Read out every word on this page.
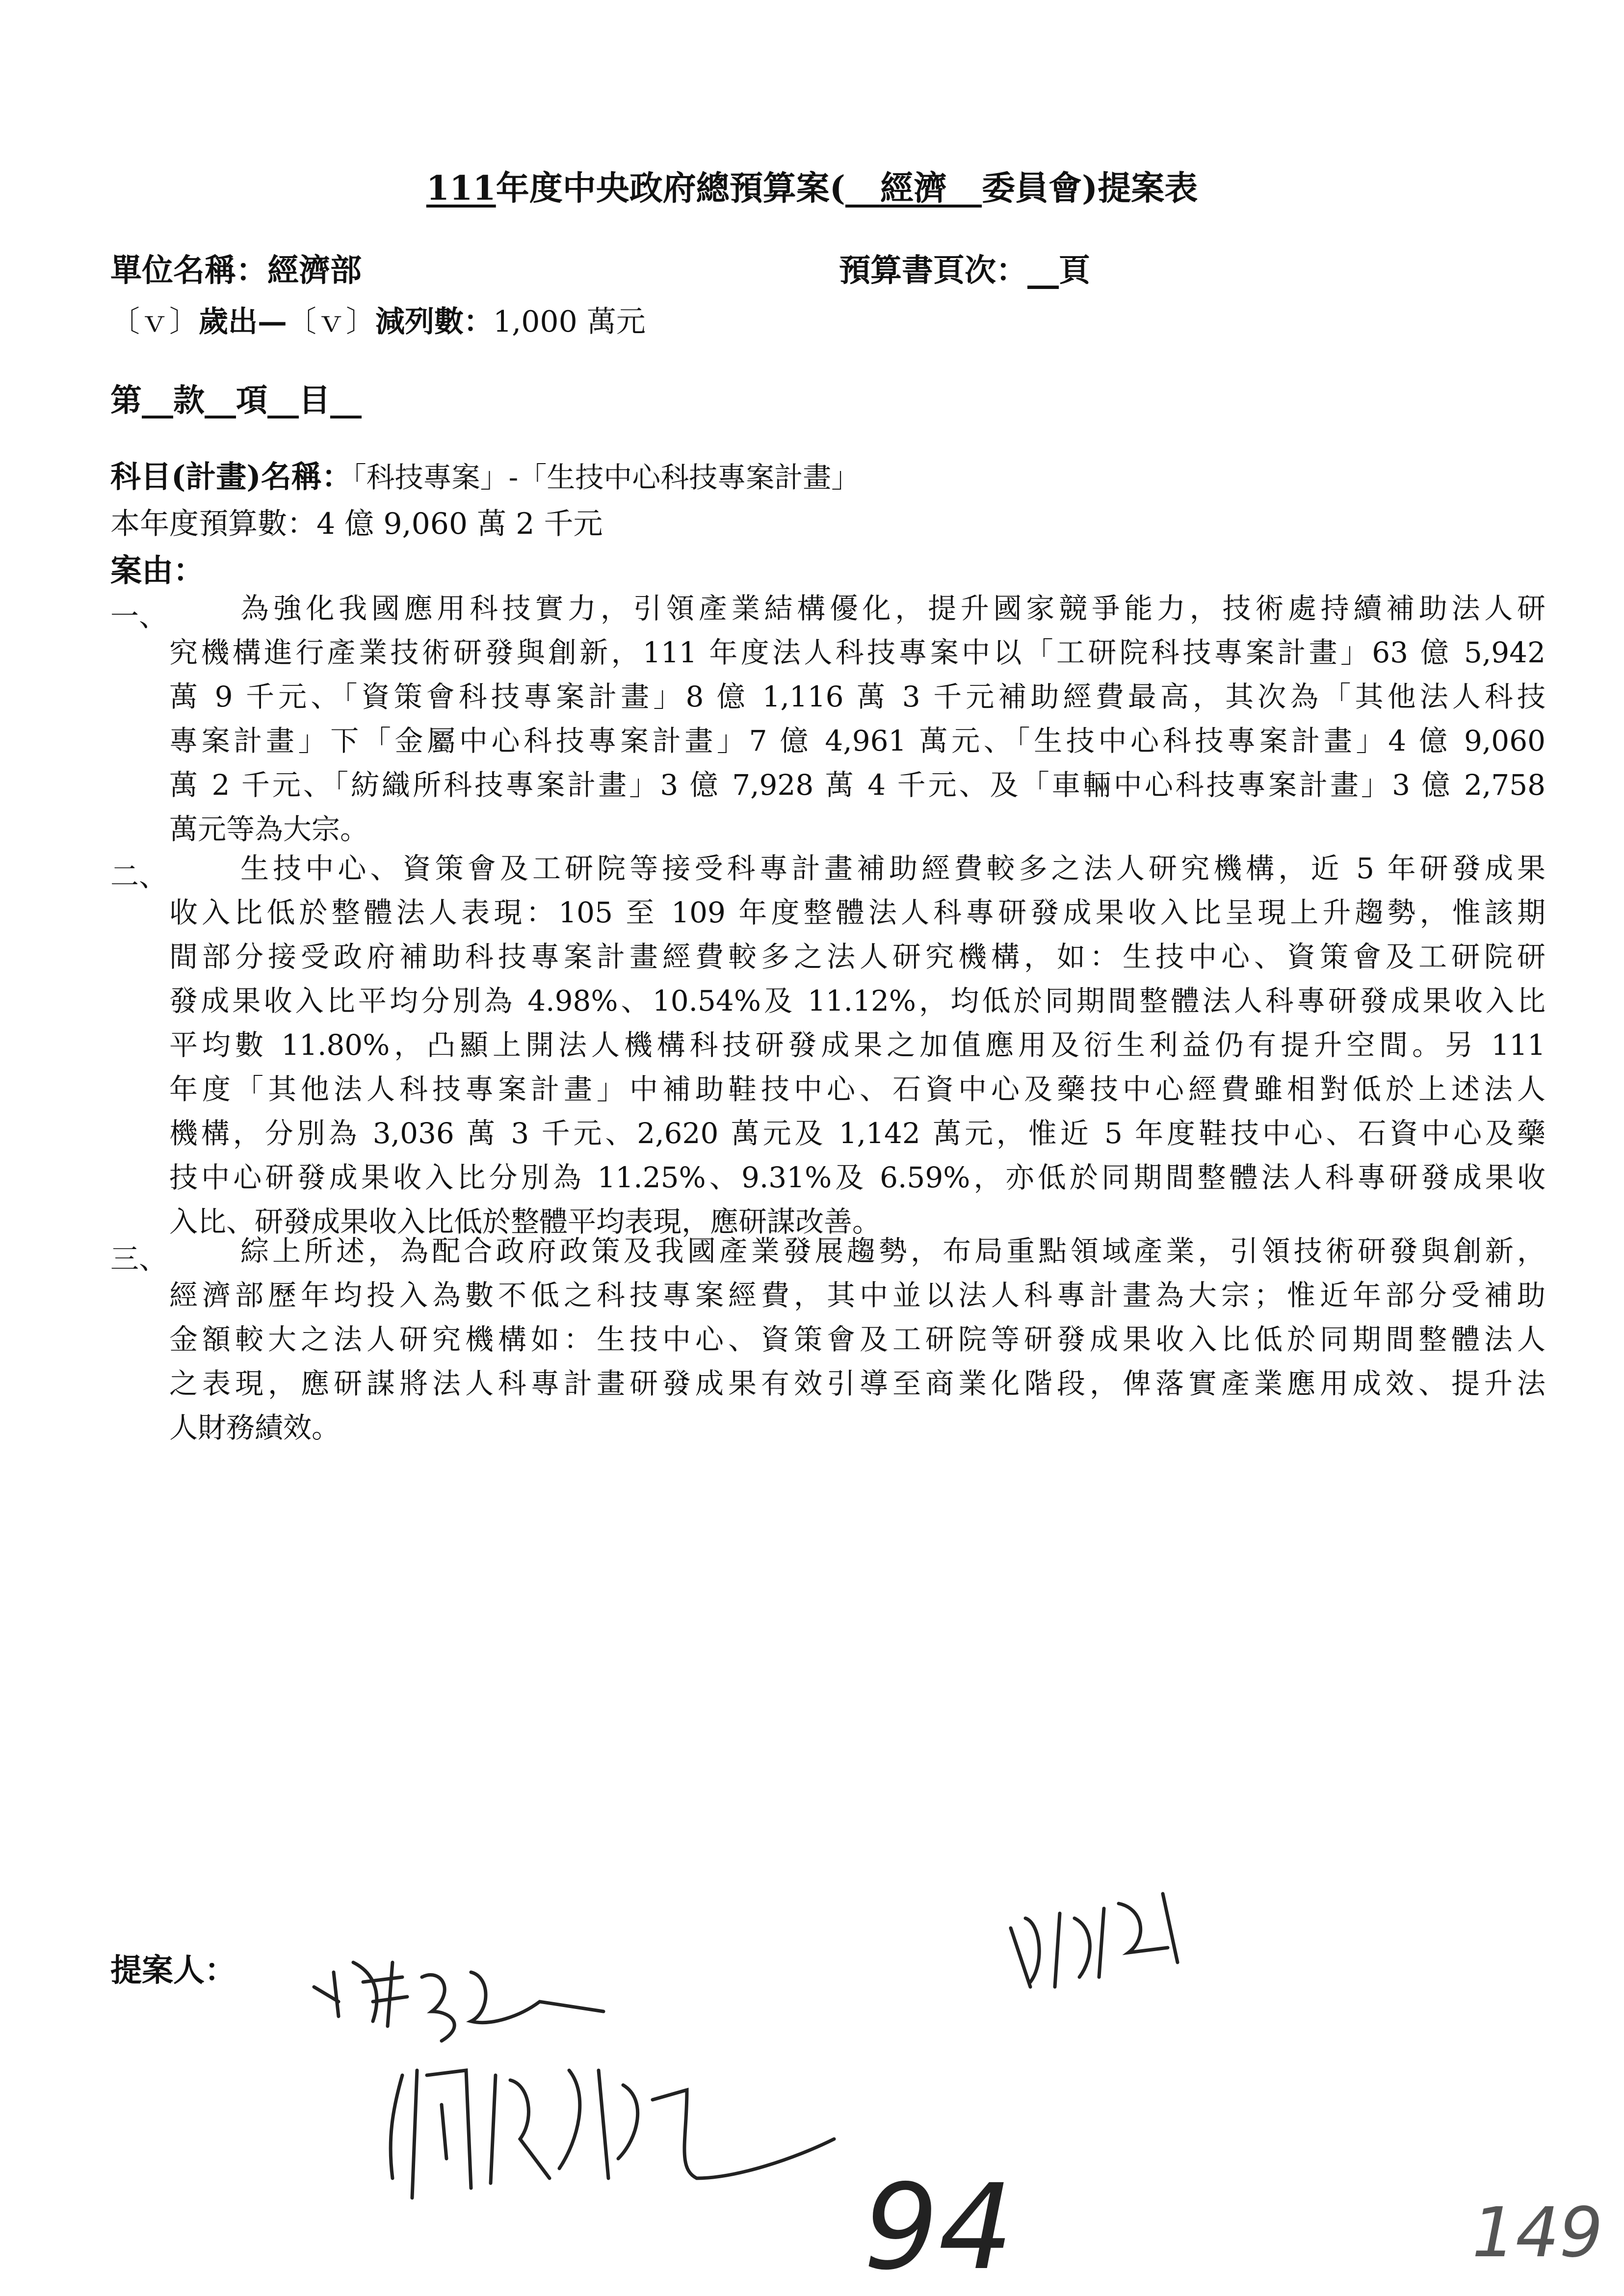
111年度中央政府總預算案( 經濟 委員會)提案表
單位名稱：經濟部	預算書頁次：__頁
〔ｖ〕歲出—〔ｖ〕減列數：1,000 萬元
第__款__項__目__
科目(計畫)名稱：「科技專案」-「生技中心科技專案計畫」
本年度預算數：4 億 9,060 萬 2 千元
案由：
一、	為強化我國應用科技實力，引領產業結構優化，提升國家競爭能力，技術處持續補助法人研
究機構進行產業技術研發與創新，111 年度法人科技專案中以「工研院科技專案計畫」63 億 5,942
萬 9 千元、「資策會科技專案計畫」8 億 1,116 萬 3 千元補助經費最高，其次為「其他法人科技
專案計畫」下「金屬中心科技專案計畫」7 億 4,961 萬元、「生技中心科技專案計畫」4 億 9,060
萬 2 千元、「紡織所科技專案計畫」3 億 7,928 萬 4 千元、及「車輛中心科技專案計畫」3 億 2,758
萬元等為大宗。
二、	生技中心、資策會及工研院等接受科專計畫補助經費較多之法人研究機構，近 5 年研發成果
收入比低於整體法人表現：105 至 109 年度整體法人科專研發成果收入比呈現上升趨勢，惟該期
間部分接受政府補助科技專案計畫經費較多之法人研究機構，如：生技中心、資策會及工研院研
發成果收入比平均分別為 4.98%、10.54%及 11.12%，均低於同期間整體法人科專研發成果收入比
平均數 11.80%，凸顯上開法人機構科技研發成果之加值應用及衍生利益仍有提升空間。另 111
年度「其他法人科技專案計畫」中補助鞋技中心、石資中心及藥技中心經費雖相對低於上述法人
機構，分別為 3,036 萬 3 千元、2,620 萬元及 1,142 萬元，惟近 5 年度鞋技中心、石資中心及藥
技中心研發成果收入比分別為 11.25%、9.31%及 6.59%，亦低於同期間整體法人科專研發成果收
入比、研發成果收入比低於整體平均表現，應研謀改善。
三、	綜上所述，為配合政府政策及我國產業發展趨勢，布局重點領域產業，引領技術研發與創新，
經濟部歷年均投入為數不低之科技專案經費，其中並以法人科專計畫為大宗；惟近年部分受補助
金額較大之法人研究機構如：生技中心、資策會及工研院等研發成果收入比低於同期間整體法人
之表現，應研謀將法人科專計畫研發成果有效引導至商業化階段，俾落實產業應用成效、提升法
人財務績效。
提案人：
94	149
